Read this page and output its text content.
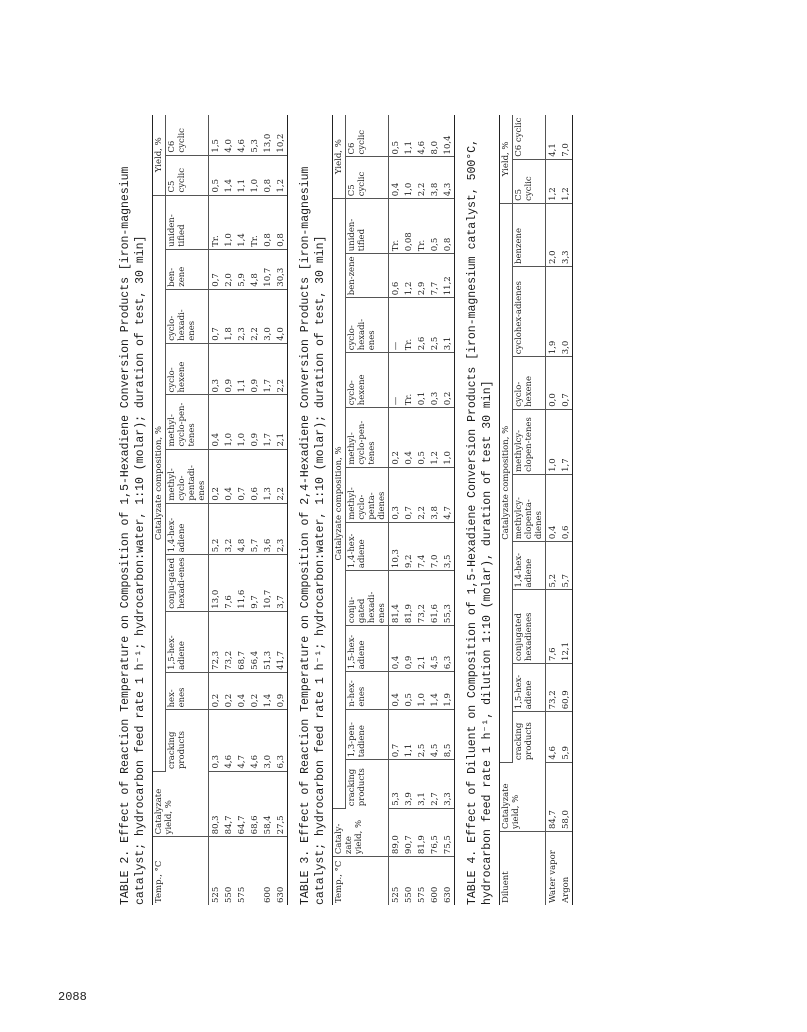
2088
TABLE 2. Effect of Reaction Temperature on Composition of 1,5-Hexadiene Conversion Products [iron-magnesium catalyst; hydrocarbon feed rate 1 h⁻¹; hydrocarbon:water, 1:10 (molar); duration of test, 30 min] Temp., °C	Catalyzate yield, %	Catalyzate composition, %											Yield, %	
		cracking products	hex-enes	1,5-hex-adiene	conju-gated hexadi-enes	1,4-hex-adiene	methyl-cyclo-pentadi-enes	methyl-cyclo-pen-tenes	cyclo-hexene	cyclo-hexadi-enes	ben-zene	uniden-tified	C5 cyclic	C6 cyclic
525	80,3	0,3	0,2	72,3	13,0	5,2	0,2	0,4	0,3	0,7	0,7	Tr.	0,5	1,5
550	84,7	4,6	0,2	73,2	7,6	3,2	0,4	1,0	0,9	1,8	2,0	1,0	1,4	4,0
575	64,7	4,7	0,4	68,7	11,6	4,8	0,7	1,0	1,1	2,3	5,9	1,4	1,1	4,6
	68,6	4,6	0,2	56,4	9,7	5,7	0,6	0,9	0,9	2,2	4,8	Tr.	1,0	5,3
600	58,4	3,0	1,4	51,3	10,7	3,6	1,3	1,7	1,7	3,0	10,7	0,8	0,8	13,0
630	27,5	6,3	0,9	41,7	3,7	2,3	2,2	2,1	2,2	4,0	30,3	0,8	1,2	10,2
TABLE 3. Effect of Reaction Temperature on Composition of 2,4-Hexadiene Conversion Products [iron-magnesium catalyst; hydrocarbon feed rate 1 h⁻¹; hydrocarbon:water, 1:10 (molar); duration of test, 30 min] Temp., °C	Cataly-zate yield, %	Catalyzate composition, %												Yield, %	
		cracking products	1,3-pen-tadiene	n-hex-enes	1,5-hex-adiene	conju-gated hexadi-enes	1,4-hex-adiene	methyl-cyclo-penta-dienes	methyl-cyclo-pen-tenes	cyclo-hexene	cyclo-hexadi-enes	ben-zene	uniden-tified	C5 cyclic	C6 cyclic
525	89,0	5,3	0,7	0,4	0,4	81,4	10,3	0,3	0,2	—	—	0,6	Tr.	0,4	0,5
550	90,7	3,9	1,1	0,5	0,9	81,9	9,2	0,7	0,4	Tr.	Tr.	1,2	0,08	1,0	1,1
575	81,9	3,1	2,5	1,0	2,1	73,2	7,4	2,2	0,5	0,1	2,6	2,9	Tr.	2,2	4,6
600	76,5	2,7	4,5	1,4	4,5	61,6	7,0	3,8	1,2	0,3	2,5	7,7	0,5	3,8	8,0
630	75,5	3,3	8,5	1,9	6,3	55,3	3,5	4,7	1,0	0,2	3,1	11,2	0,8	4,3	10,4 TABLE 4. Effect of Diluent on Composition of 1,5-Hexadiene Conversion Products [iron-magnesium catalyst, 500°C, hydrocarbon feed rate 1 h⁻¹, dilution 1:10 (molar), duration of test 30 min] Diluent	Catalyzate yield, %	Catalyzate composition, %									Yield, %	
		cracking products	1,5-hex-adiene	conjugated hexadienes	1,4-hex-adiene	methylcy-clopenta-dienes	methylcy-clopen-tenes	cyclo-hexene	cyclohex-adienes	benzene	C5 cyclic	C6 cyclic
Water vapor	84,7	4,6	73,2	7,6	5,2	0,4	1,0	0,0	1,9	2,0	1,2	4,1
Argon	58,0	5,9	60,9	12,1	5,7	0,6	1,7	0,7	3,0	3,3	1,2	7,0
